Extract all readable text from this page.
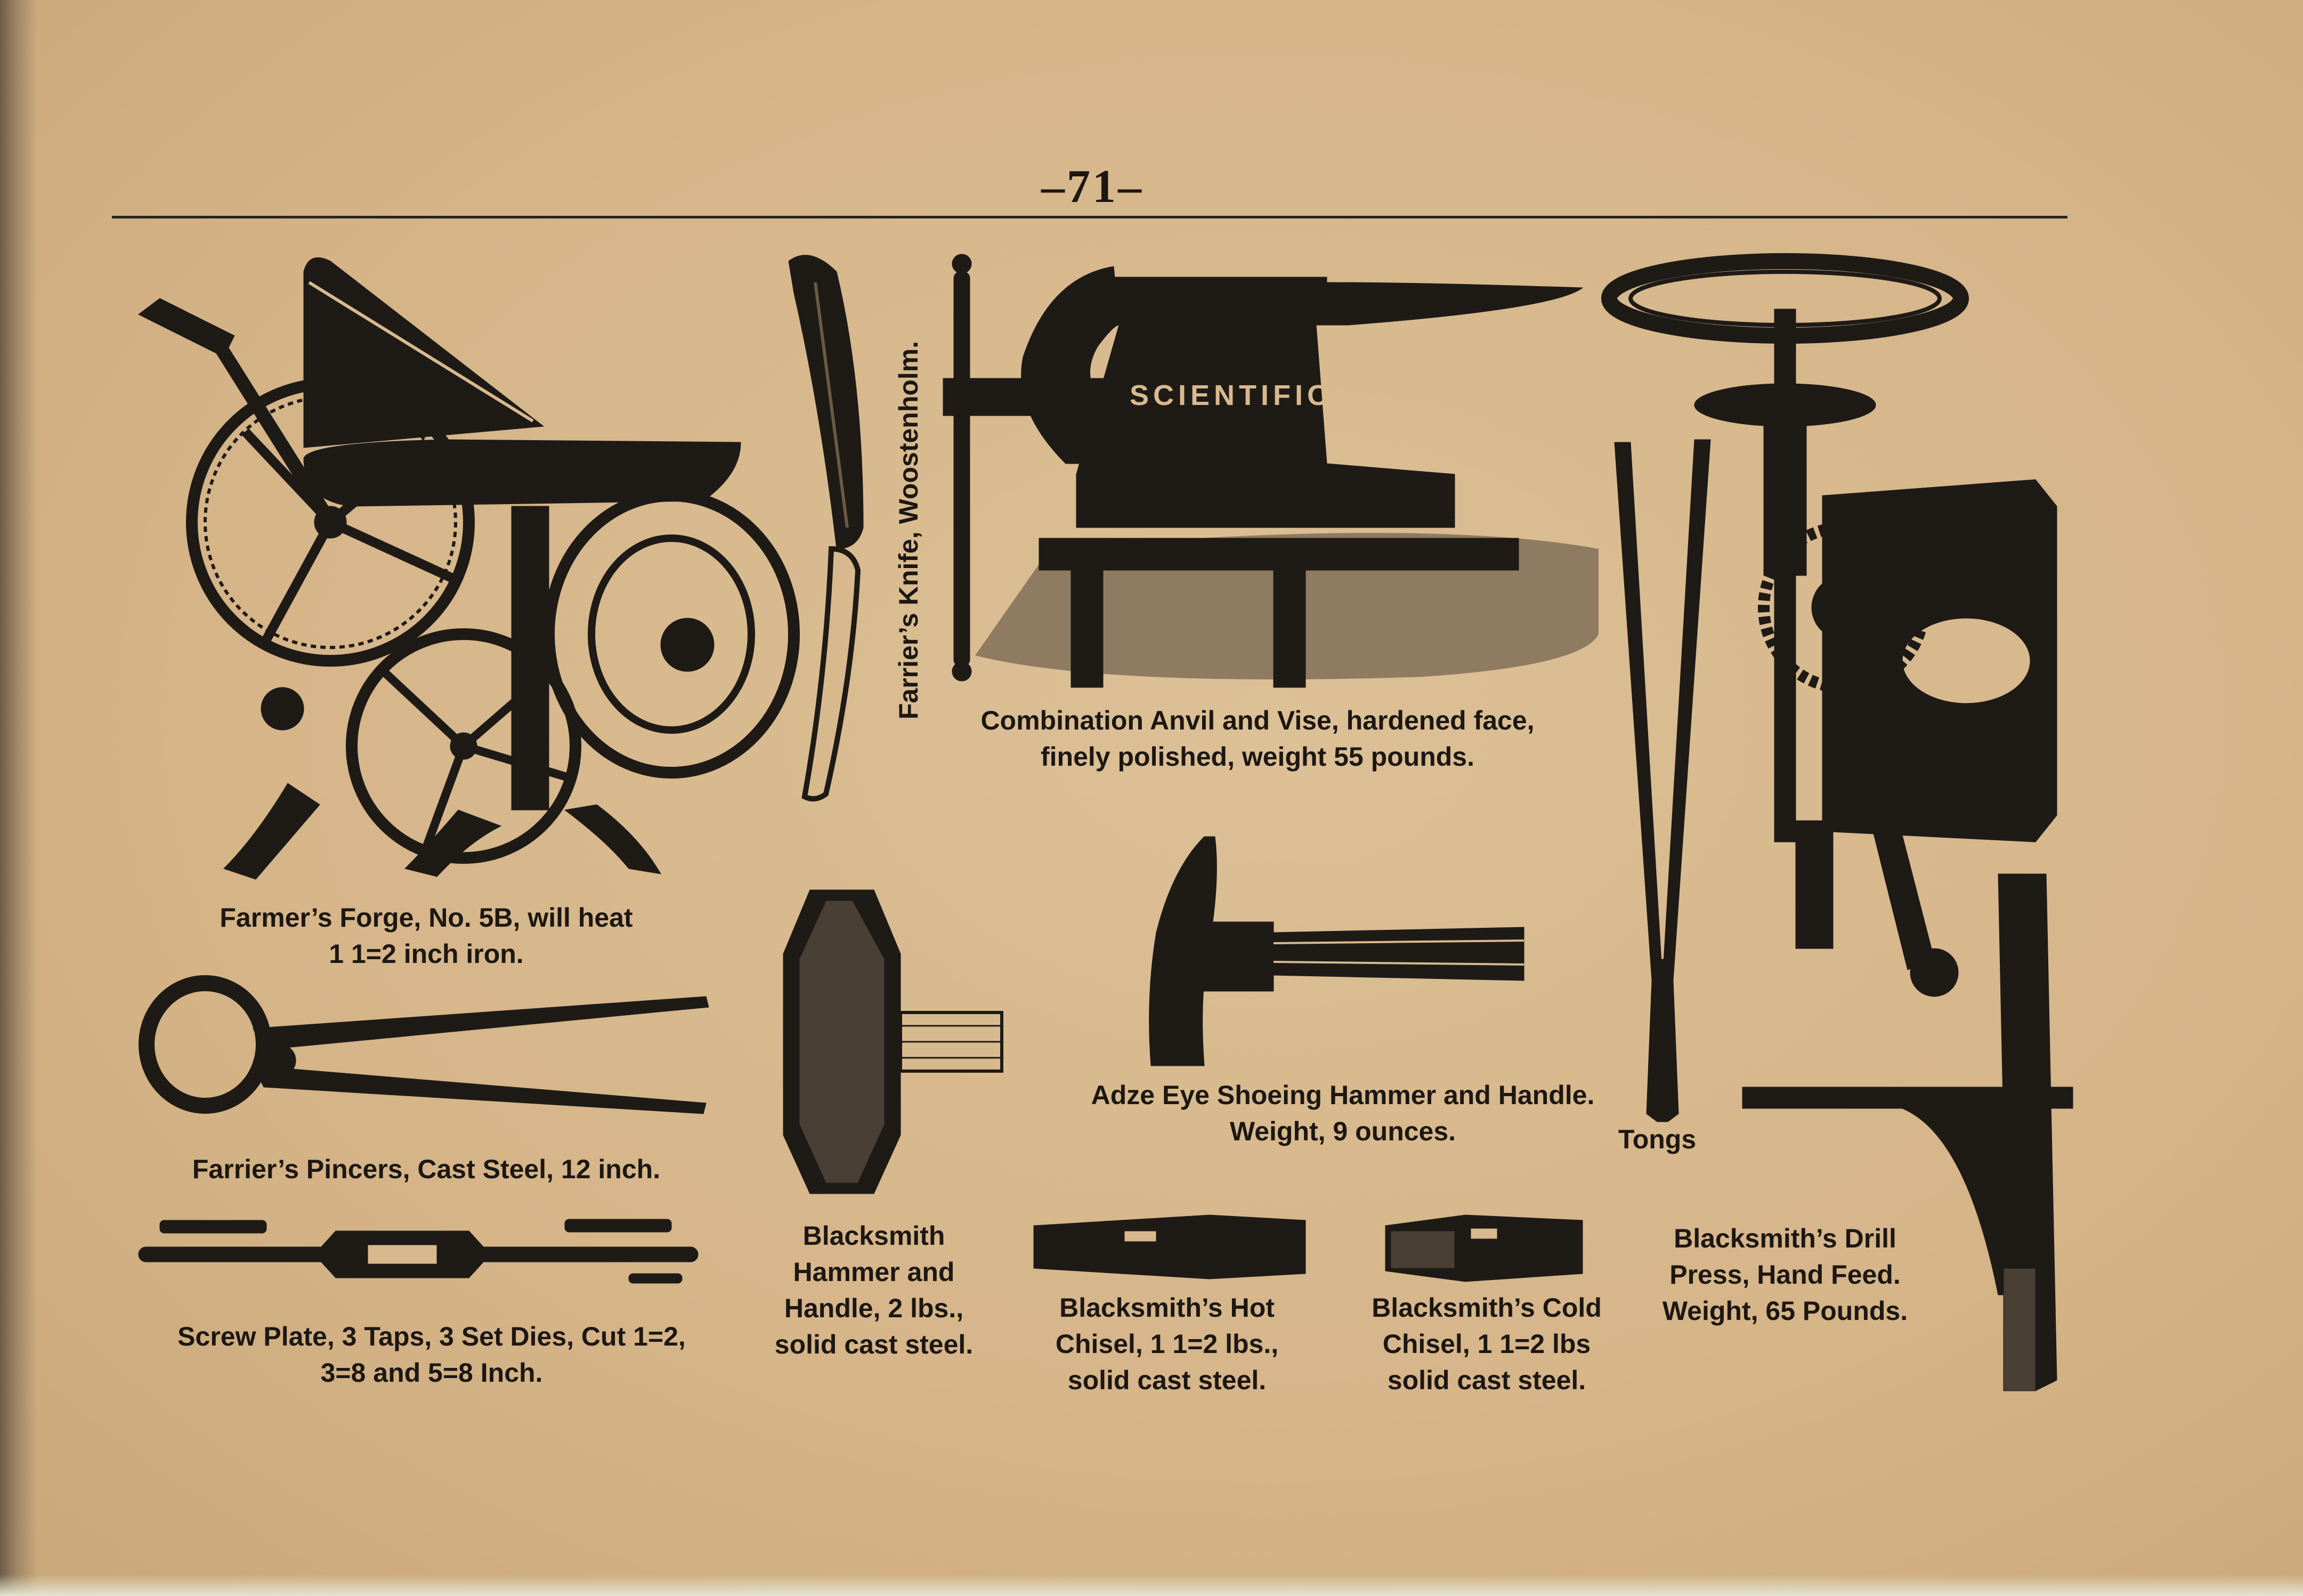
–71–
Farmer’s Forge, No. 5B, will heat
1 1=2 inch iron.
Farrier’s Knife, Woostenholm.	SCIENTIFIC
Combination Anvil and Vise, hardened face,
finely polished, weight 55 pounds.
Farrier’s Pincers, Cast Steel, 12 inch.
Screw Plate, 3 Taps, 3 Set Dies, Cut 1=2,
3=8 and 5=8 Inch.
Blacksmith
Hammer and
Handle, 2 lbs.,
solid cast steel.
Adze Eye Shoeing Hammer and Handle.
Weight, 9 ounces.
Blacksmith’s Hot
Chisel, 1 1=2 lbs.,
solid cast steel.
Blacksmith’s Cold
Chisel, 1 1=2 lbs
solid cast steel.
Tongs
Blacksmith’s Drill
Press, Hand Feed.
Weight, 65 Pounds.
